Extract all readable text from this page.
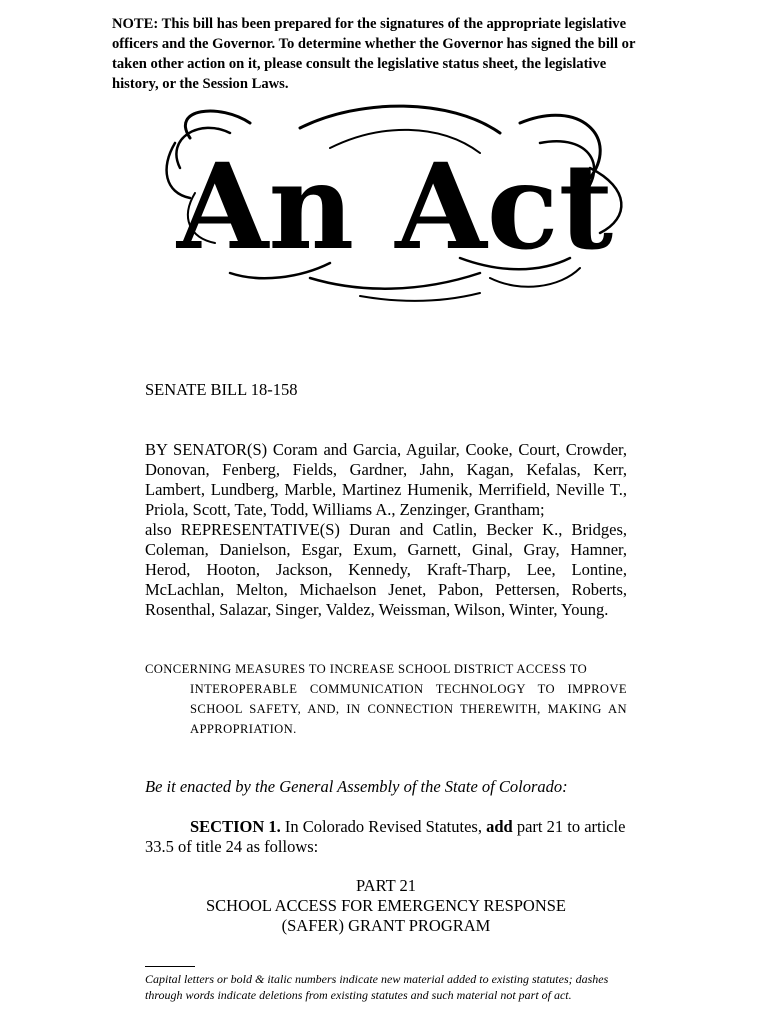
NOTE: This bill has been prepared for the signatures of the appropriate legislative officers and the Governor. To determine whether the Governor has signed the bill or taken other action on it, please consult the legislative status sheet, the legislative history, or the Session Laws.
An Act
SENATE BILL 18-158

BY SENATOR(S) Coram and Garcia, Aguilar, Cooke, Court, Crowder, Donovan, Fenberg, Fields, Gardner, Jahn, Kagan, Kefalas, Kerr, Lambert, Lundberg, Marble, Martinez Humenik, Merrifield, Neville T., Priola, Scott, Tate, Todd, Williams A., Zenzinger, Grantham;

also REPRESENTATIVE(S) Duran and Catlin, Becker K., Bridges, Coleman, Danielson, Esgar, Exum, Garnett, Ginal, Gray, Hamner, Herod, Hooton, Jackson, Kennedy, Kraft-Tharp, Lee, Lontine, McLachlan, Melton, Michaelson Jenet, Pabon, Pettersen, Roberts, Rosenthal, Salazar, Singer, Valdez, Weissman, Wilson, Winter, Young.

CONCERNING MEASURES TO INCREASE SCHOOL DISTRICT ACCESS TO

INTEROPERABLE COMMUNICATION TECHNOLOGY TO IMPROVE SCHOOL SAFETY, AND, IN CONNECTION THEREWITH, MAKING AN APPROPRIATION.

Be it enacted by the General Assembly of the State of Colorado:

SECTION 1. In Colorado Revised Statutes, add part 21 to article 33.5 of title 24 as follows:

PART 21
SCHOOL ACCESS FOR EMERGENCY RESPONSE
(SAFER) GRANT PROGRAM
Capital letters or bold & italic numbers indicate new material added to existing statutes; dashes through words indicate deletions from existing statutes and such material not part of act.
